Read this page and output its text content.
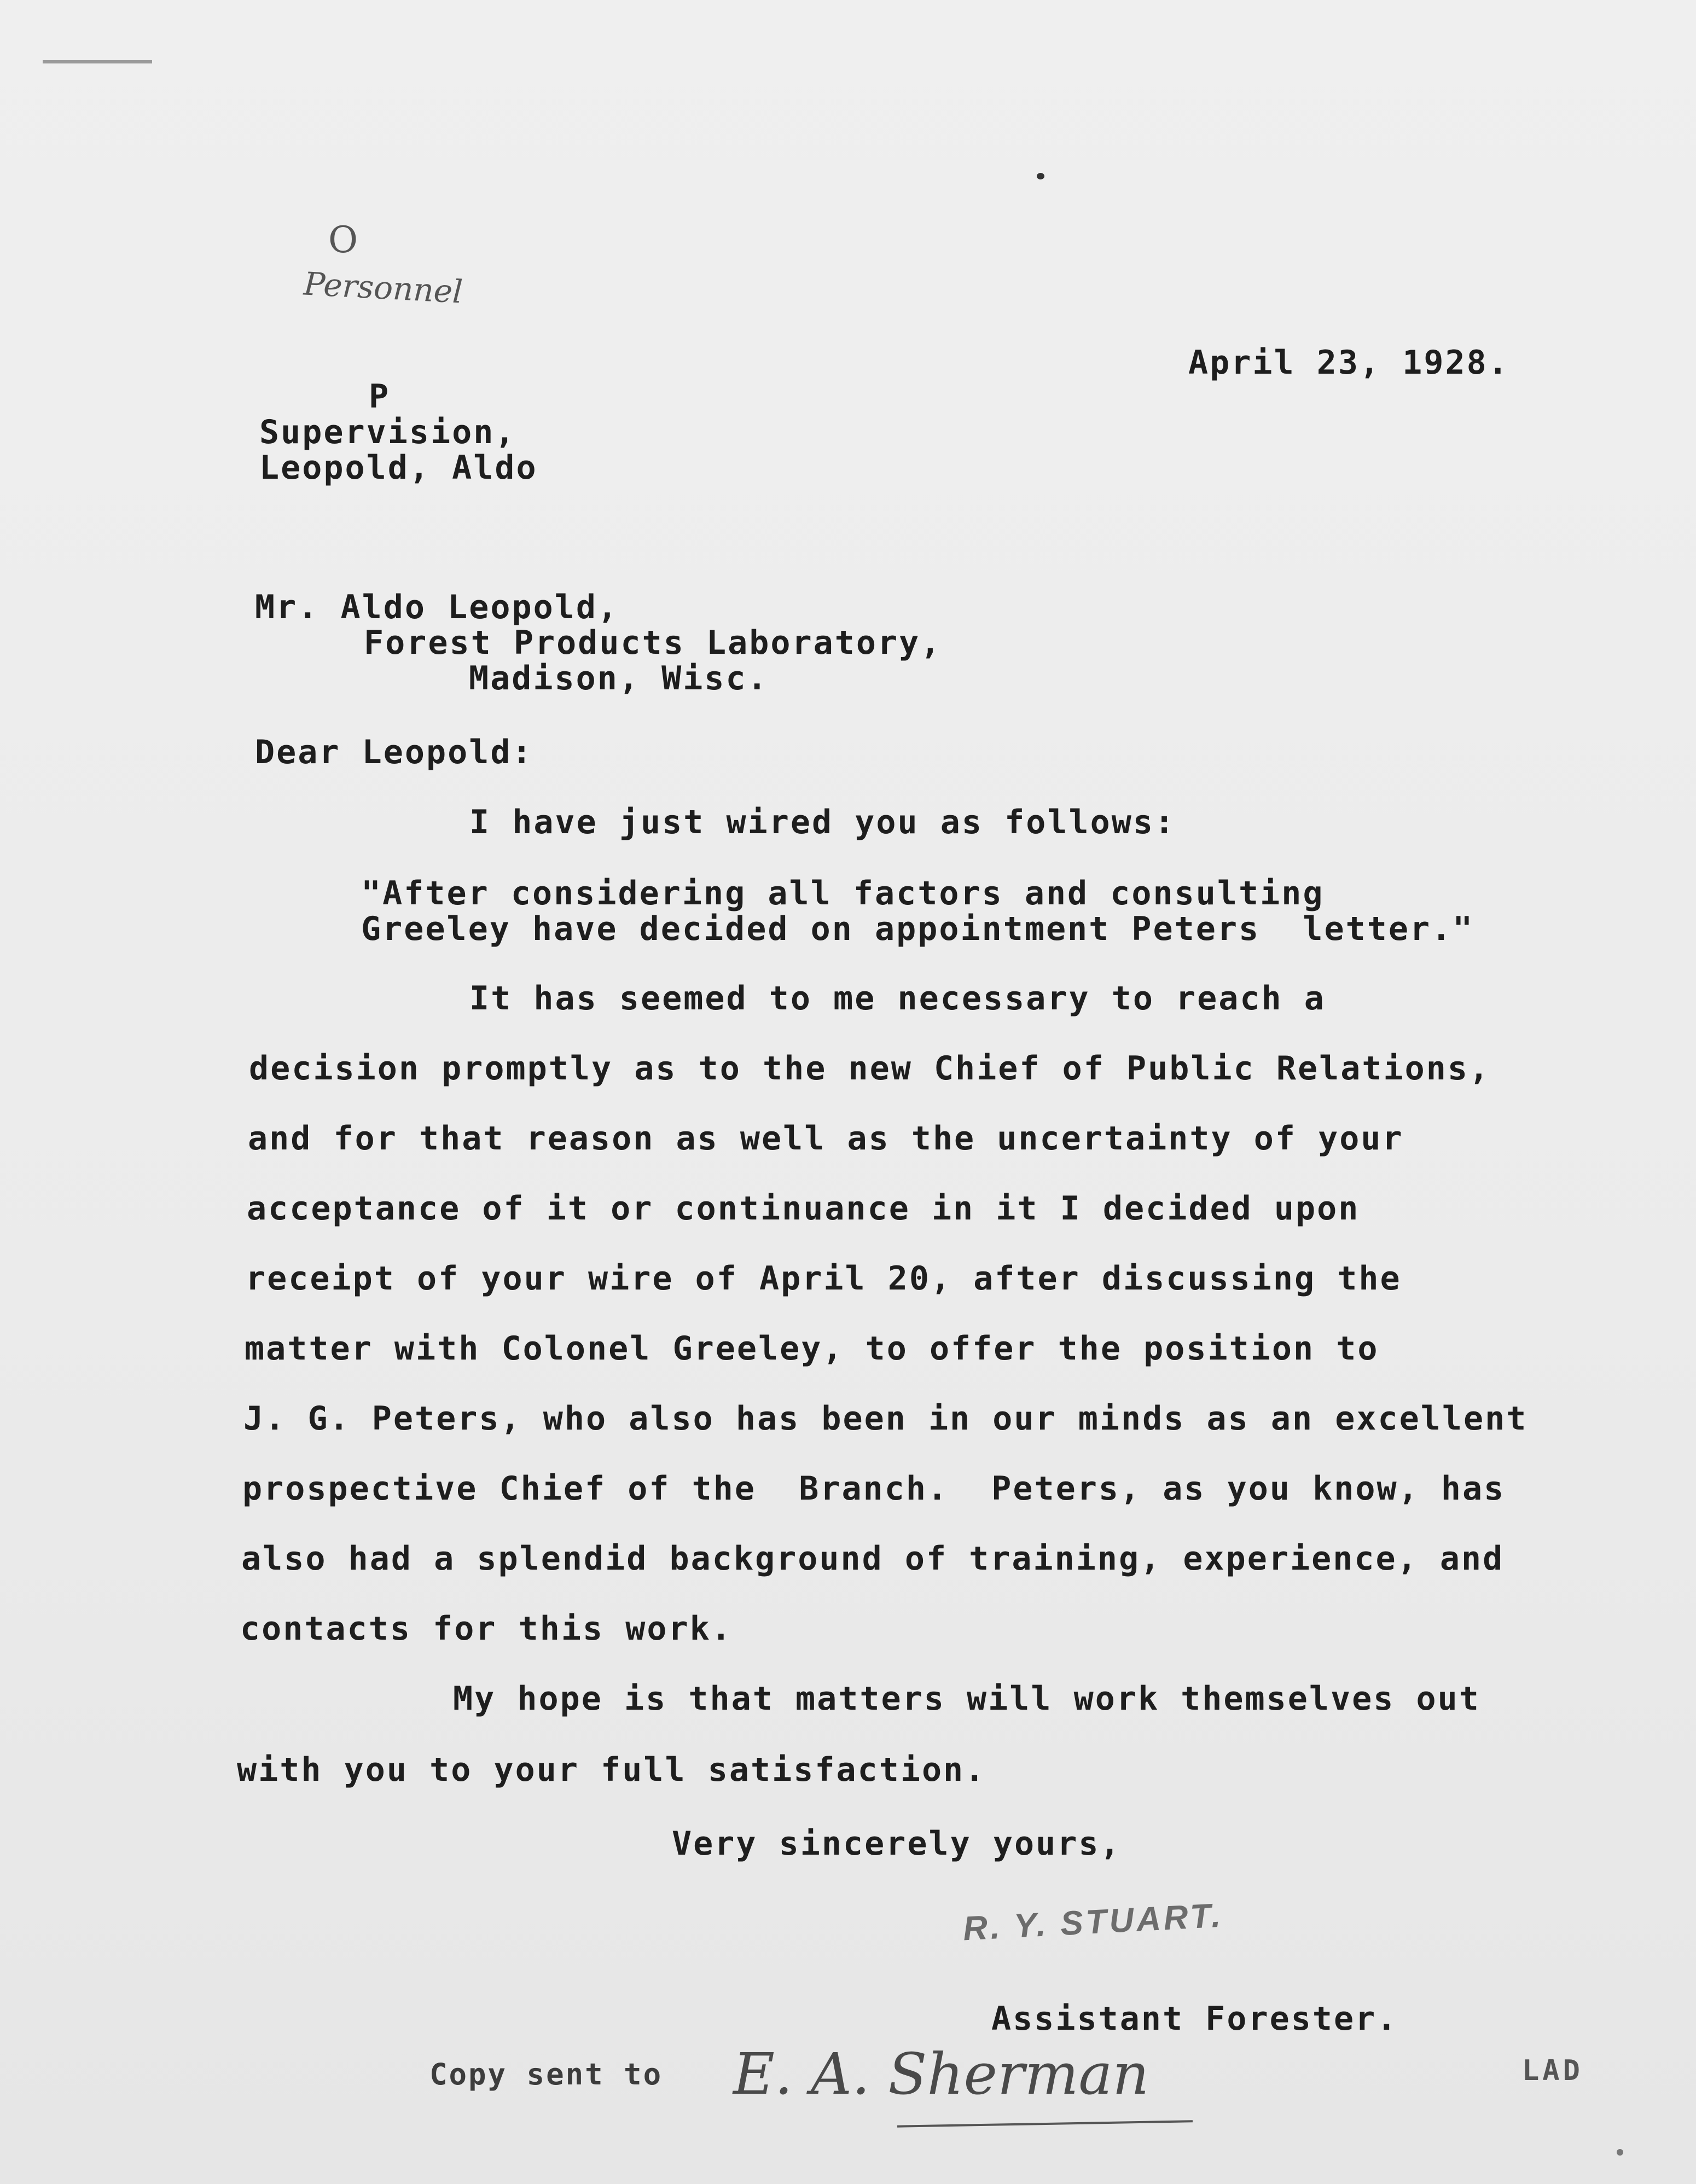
O
Personnel
April 23, 1928.
P
Supervision,
Leopold, Aldo
Mr. Aldo Leopold,
Forest Products Laboratory,
Madison, Wisc.
Dear Leopold:
I have just wired you as follows:
"After considering all factors and consulting
Greeley have decided on appointment Peters  letter."
It has seemed to me necessary to reach a
decision promptly as to the new Chief of Public Relations,
and for that reason as well as the uncertainty of your
acceptance of it or continuance in it I decided upon
receipt of your wire of April 20, after discussing the
matter with Colonel Greeley, to offer the position to
J. G. Peters, who also has been in our minds as an excellent
prospective Chief of the  Branch.  Peters, as you know, has
also had a splendid background of training, experience, and
contacts for this work.
My hope is that matters will work themselves out
with you to your full satisfaction.
Very sincerely yours,
R. Y. STUART.
Assistant Forester.
Copy sent to E. A. Sherman	LAD
